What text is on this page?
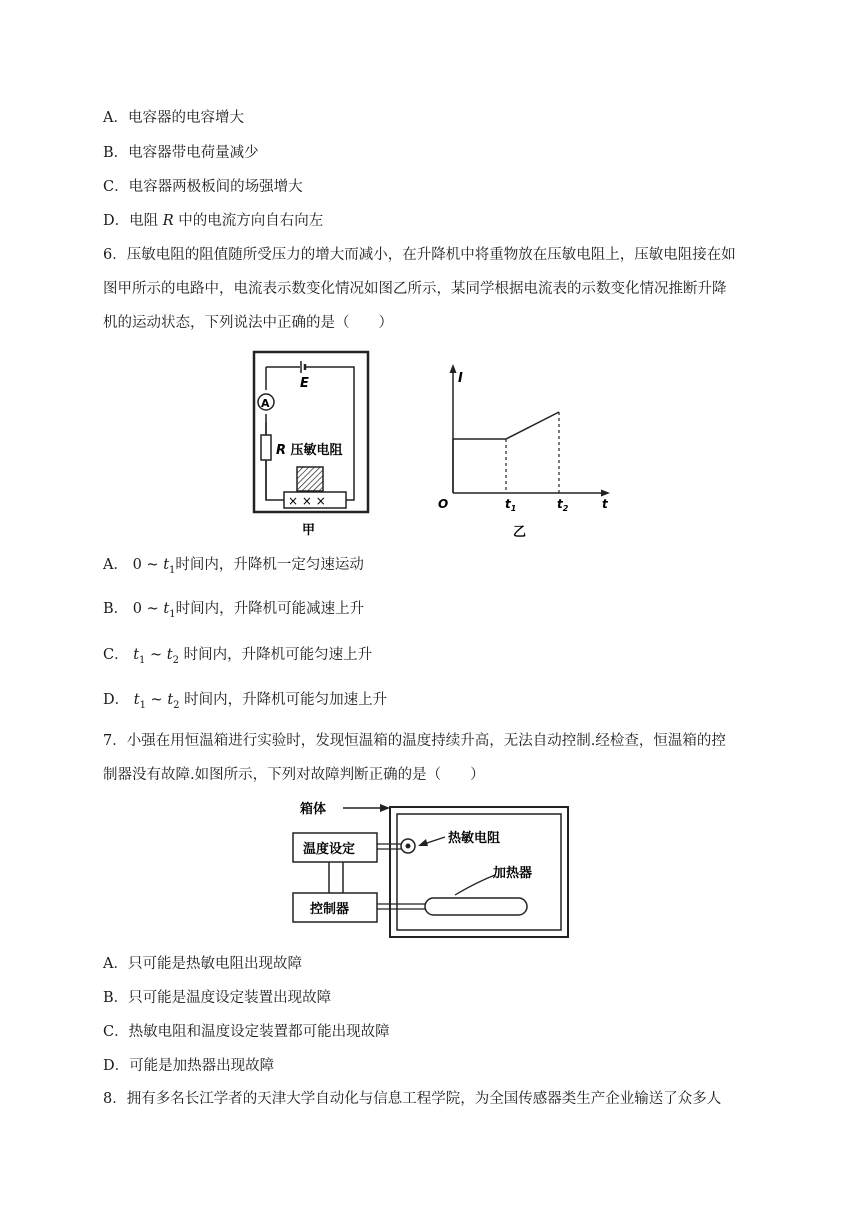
A．电容器的电容增大
B．电容器带电荷量减少
C．电容器两极板间的场强增大
D．电阻 R 中的电流方向自右向左
6．压敏电阻的阻值随所受压力的增大而减小，在升降机中将重物放在压敏电阻上，压敏电阻接在如
图甲所示的电路中，电流表示数变化情况如图乙所示，某同学根据电流表的示数变化情况推断升降
机的运动状态，下列说法中正确的是（　　）
E
A
R 压敏电阻
× × ×
甲
I
t
O	$t_1$	$t_2$
乙
A． 0 ~ $t_1$时间内，升降机一定匀速运动
B． 0 ~ $t_1$时间内，升降机可能减速上升
C． $t_1$ ~ $t_2$ 时间内，升降机可能匀速上升
D． $t_1$ ~ $t_2$ 时间内，升降机可能匀加速上升
7．小强在用恒温箱进行实验时，发现恒温箱的温度持续升高，无法自动控制.经检查，恒温箱的控
制器没有故障.如图所示，下列对故障判断正确的是（　　）
箱体
温度设定
控制器
热敏电阻
加热器
A．只可能是热敏电阻出现故障
B．只可能是温度设定装置出现故障
C．热敏电阻和温度设定装置都可能出现故障
D．可能是加热器出现故障
8．拥有多名长江学者的天津大学自动化与信息工程学院，为全国传感器类生产企业输送了众多人
